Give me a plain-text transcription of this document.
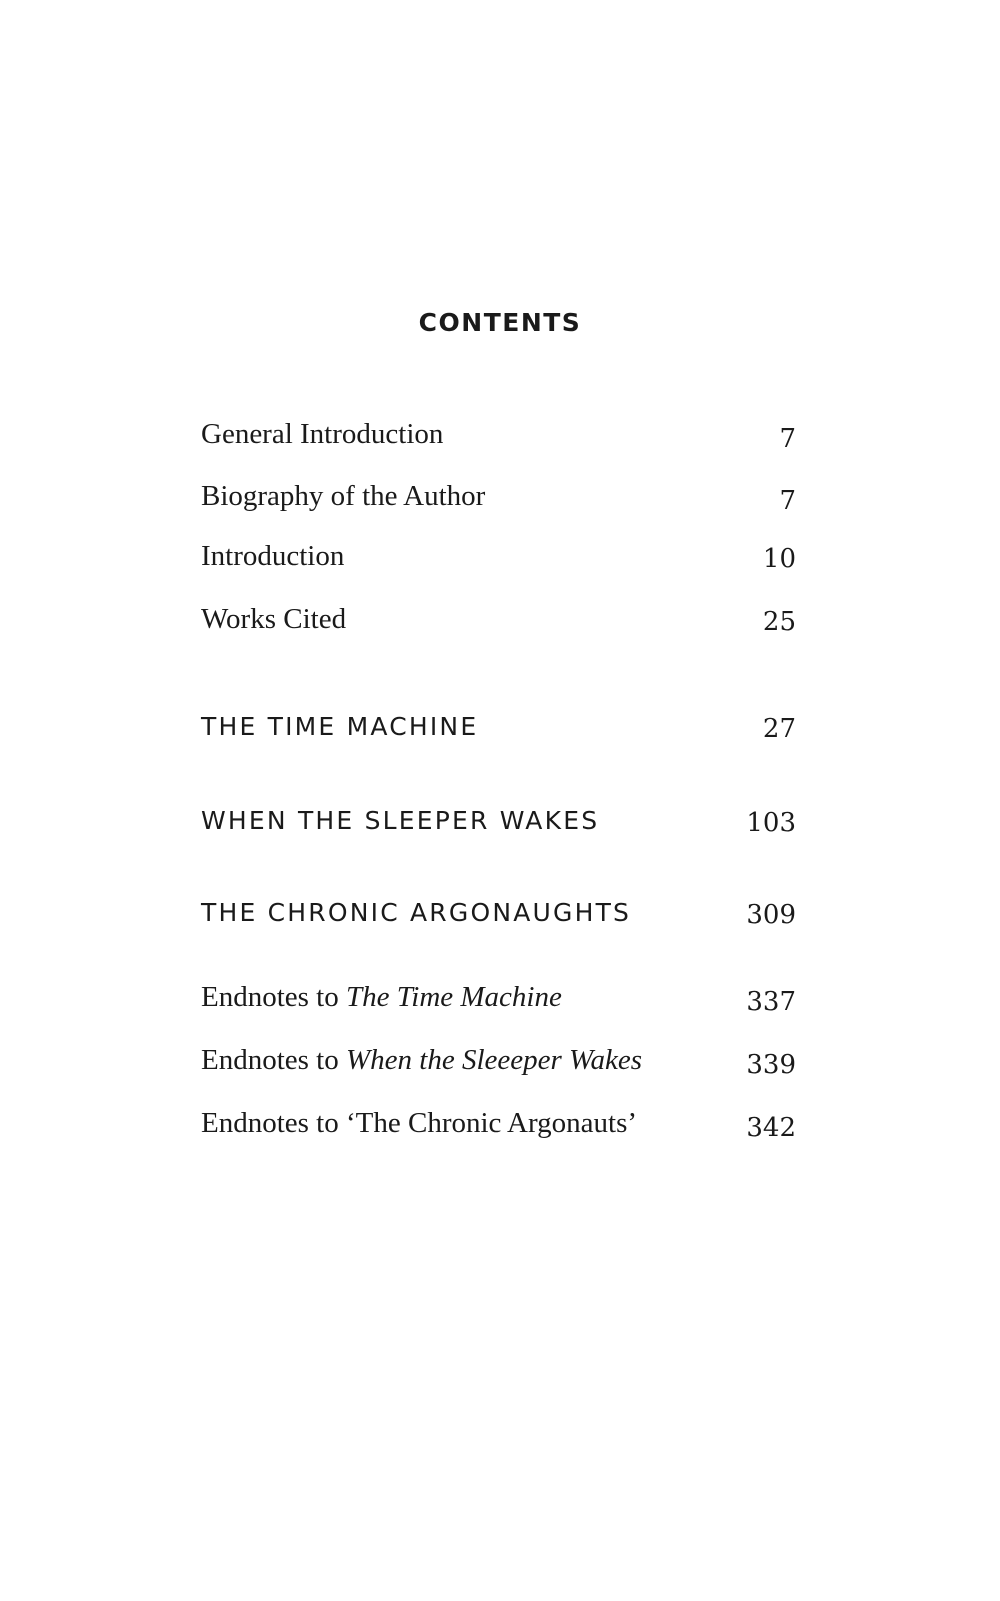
CONTENTS
General Introduction	7
Biography of the Author	7
Introduction	10
Works Cited	25
THE TIME MACHINE	27
WHEN THE SLEEPER WAKES	103
THE CHRONIC ARGONAUGHTS	309
Endnotes to The Time Machine	337
Endnotes to When the Sleeeper Wakes	339
Endnotes to ‘The Chronic Argonauts’	342
